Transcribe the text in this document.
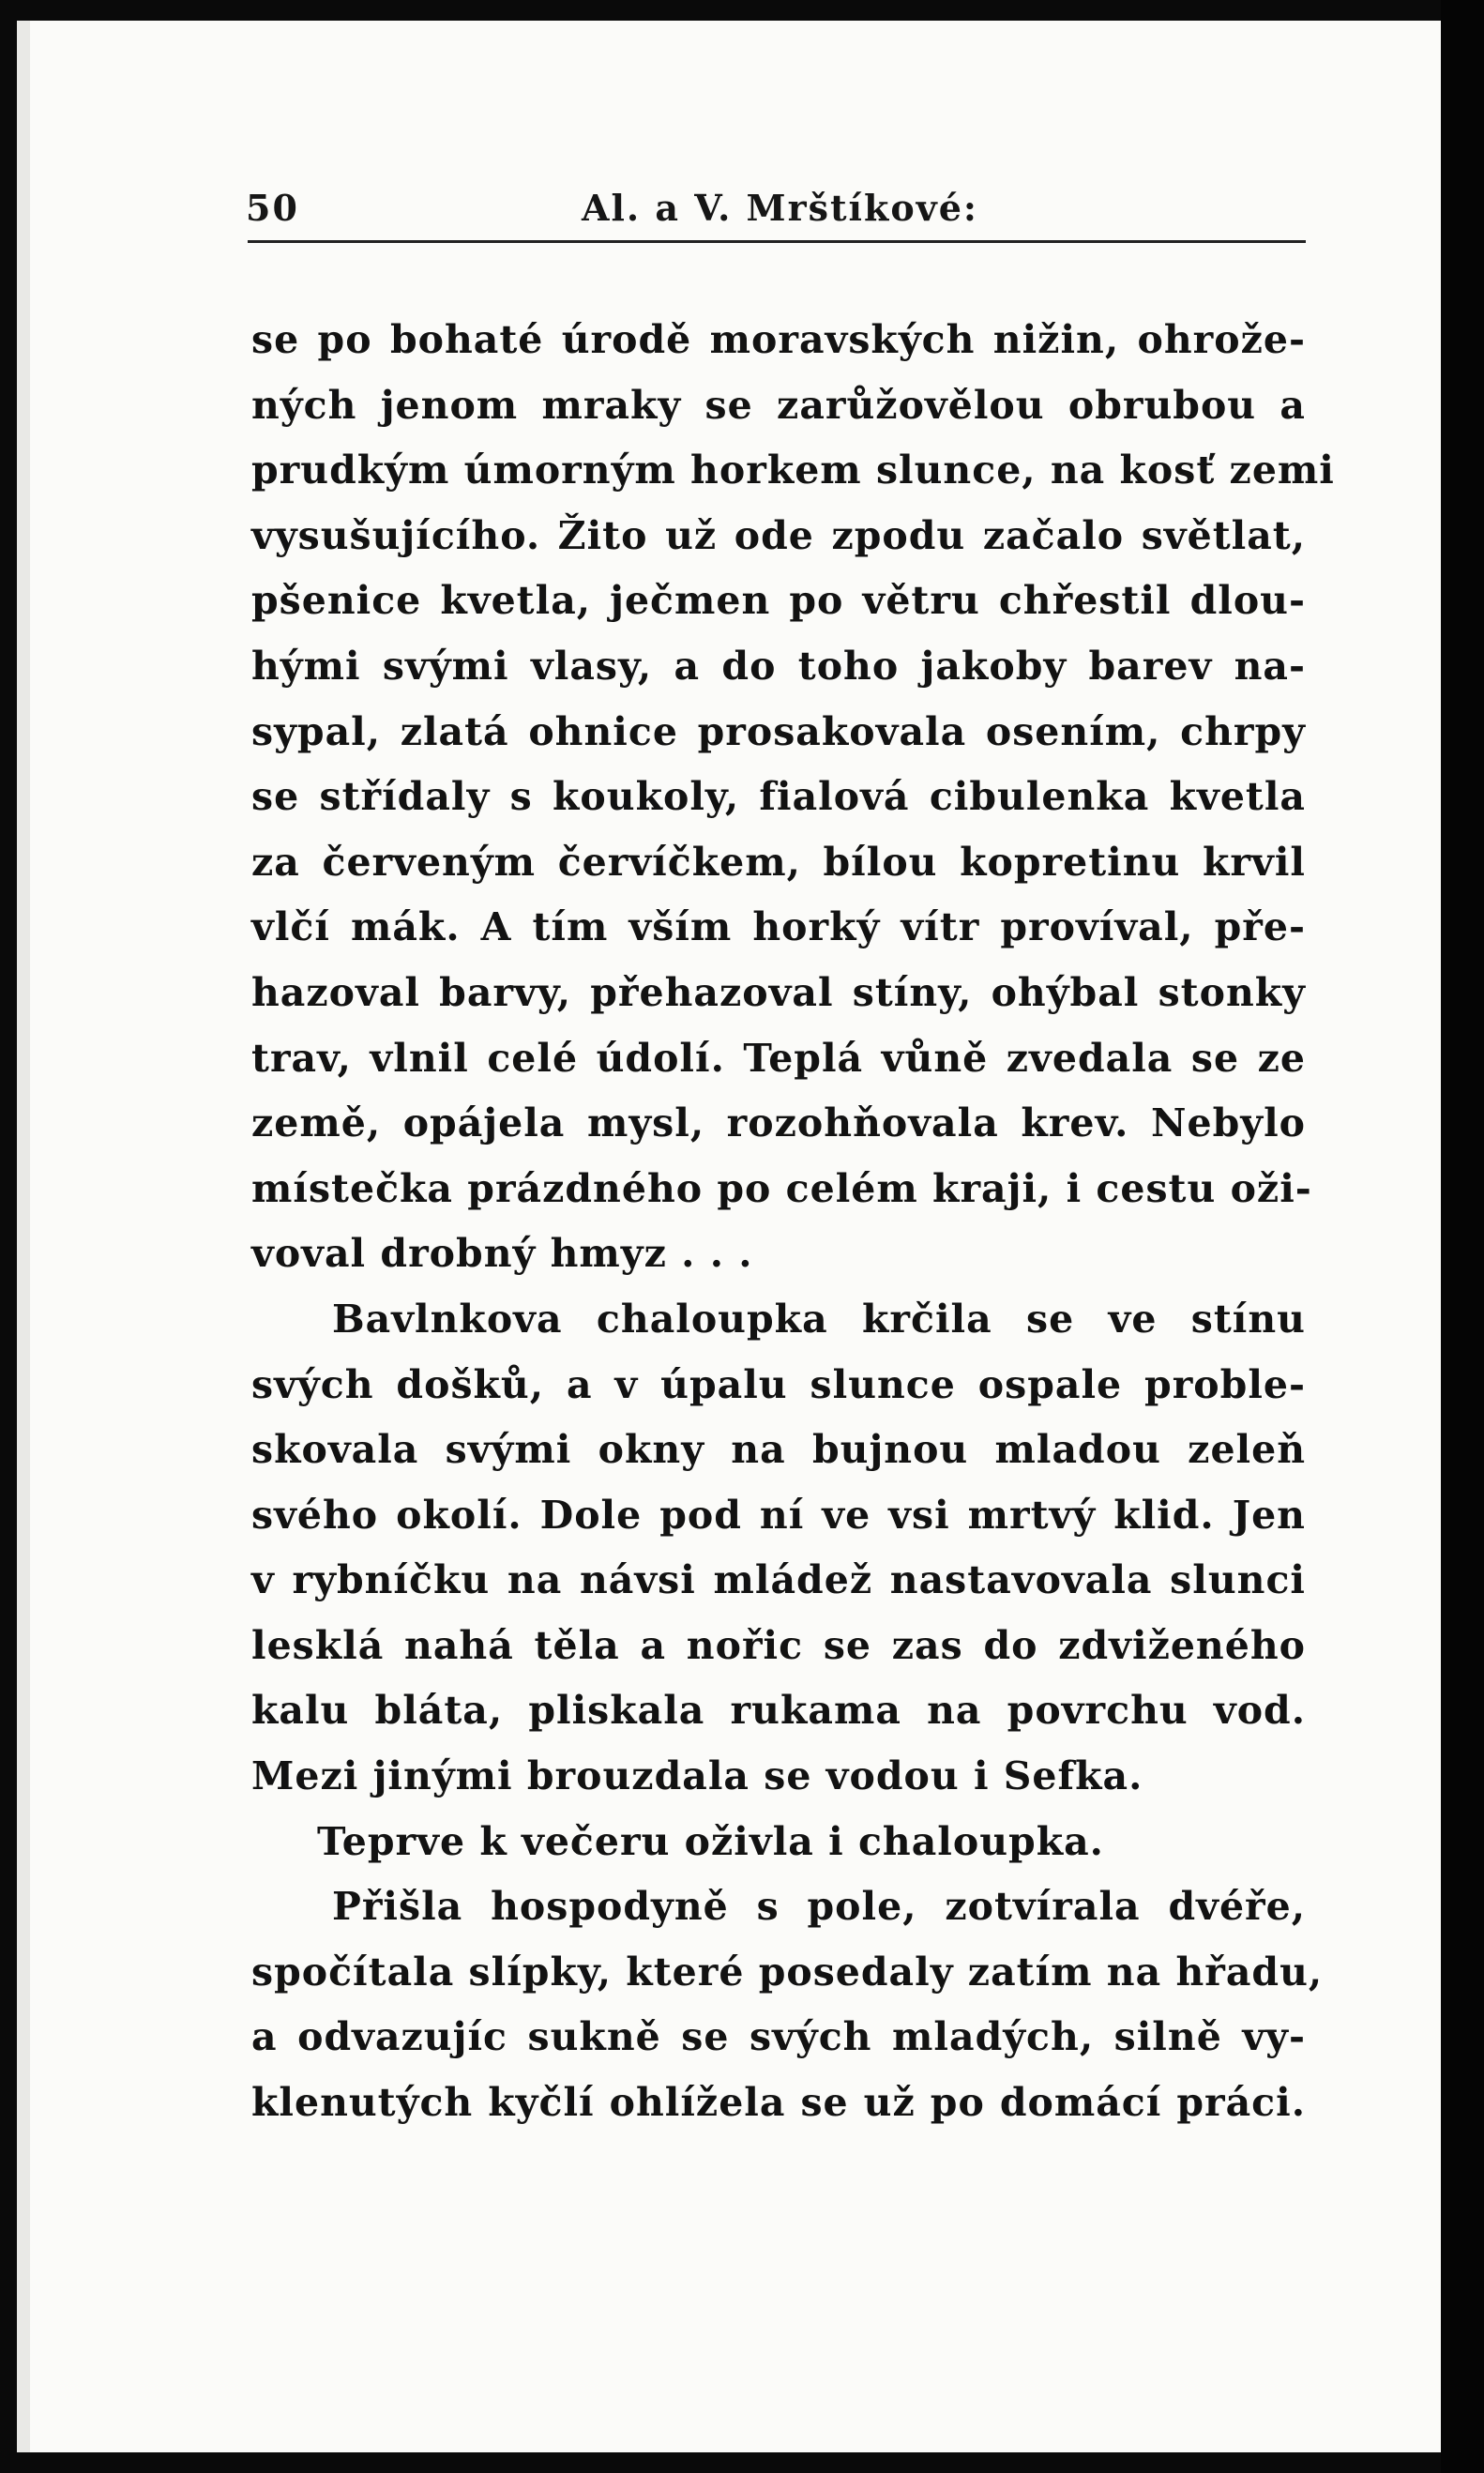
50	Al. a V. Mrštíkové:
se po bohaté úrodě moravských nižin, ohrože-
ných jenom mraky se zarůžovělou obrubou a
prudkým úmorným horkem slunce, na kosť zemi
vysušujícího. Žito už ode zpodu začalo světlat,
pšenice kvetla, ječmen po větru chřestil dlou-
hými svými vlasy, a do toho jakoby barev na-
sypal, zlatá ohnice prosakovala osením, chrpy
se střídaly s koukoly, fialová cibulenka kvetla
za červeným červíčkem, bílou kopretinu krvil
vlčí mák. A tím vším horký vítr províval, pře-
hazoval barvy, přehazoval stíny, ohýbal stonky
trav, vlnil celé údolí. Teplá vůně zvedala se ze
země, opájela mysl, rozohňovala krev. Nebylo
místečka prázdného po celém kraji, i cestu oži-
voval drobný hmyz . . .
Bavlnkova chaloupka krčila se ve stínu
svých došků, a v úpalu slunce ospale proble-
skovala svými okny na bujnou mladou zeleň
svého okolí. Dole pod ní ve vsi mrtvý klid. Jen
v rybníčku na návsi mládež nastavovala slunci
lesklá nahá těla a nořic se zas do zdviženého
kalu bláta, pliskala rukama na povrchu vod.
Mezi jinými brouzdala se vodou i Sefka.
Teprve k večeru oživla i chaloupka.
Přišla hospodyně s pole, zotvírala dvéře,
spočítala slípky, které posedaly zatím na hřadu,
a odvazujíc sukně se svých mladých, silně vy-
klenutých kyčlí ohlížela se už po domácí práci.
